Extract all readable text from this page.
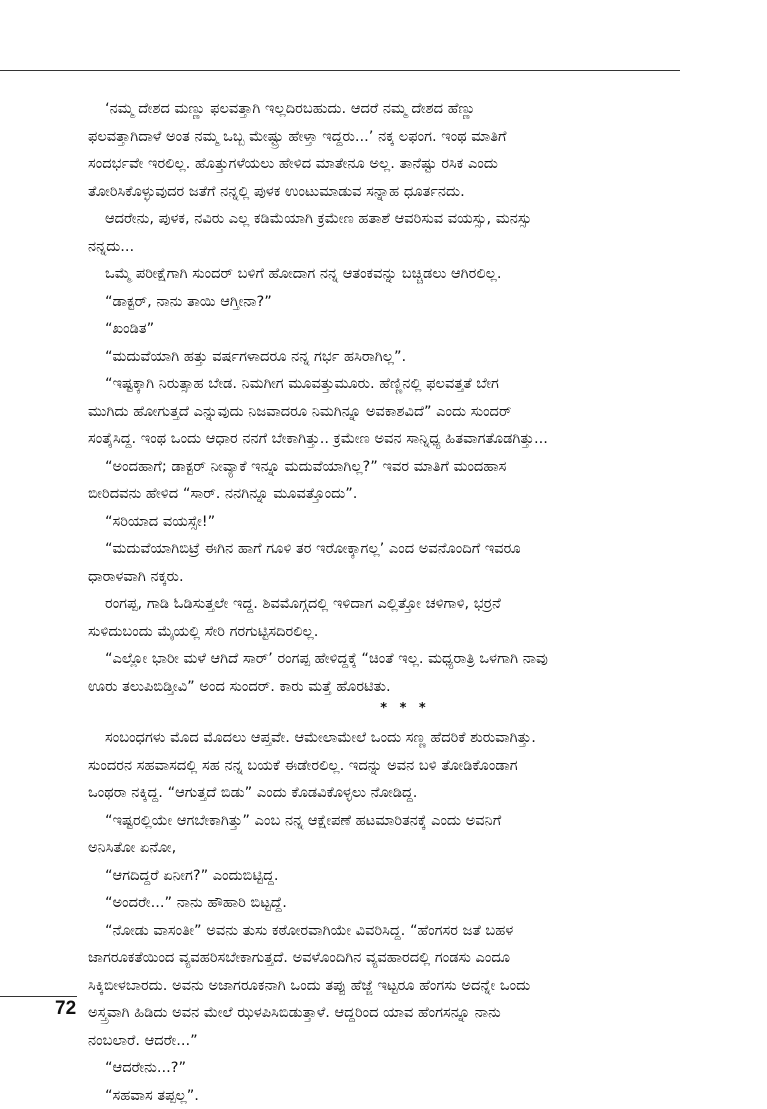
‘ನಮ್ಮ ದೇಶದ ಮಣ್ಣು ಫಲವತ್ತಾಗಿ ಇಲ್ಲದಿರಬಹುದು. ಆದರೆ ನಮ್ಮ ದೇಶದ ಹೆಣ್ಣು
ಫಲವತ್ತಾಗಿದಾಳೆ ಅಂತ ನಮ್ಮ ಒಬ್ಬ ಮೇಷ್ಟ್ರು ಹೇಳ್ತಾ ಇದ್ದರು...’ ನಕ್ಕ ಲಫಂಗ. ಇಂಥ ಮಾತಿಗೆ
ಸಂದರ್ಭವೇ ಇರಲಿಲ್ಲ. ಹೊತ್ತುಗಳೆಯಲು ಹೇಳಿದ ಮಾತೇನೂ ಅಲ್ಲ. ತಾನೆಷ್ಟು ರಸಿಕ ಎಂದು
ತೋರಿಸಿಕೊಳ್ಳುವುದರ ಜತೆಗೆ ನನ್ನಲ್ಲಿ ಪುಳಕ ಉಂಟುಮಾಡುವ ಸನ್ನಾಹ ಧೂರ್ತನದು.
ಆದರೇನು, ಪುಳಕ, ನವಿರು ಎಲ್ಲ ಕಡಿಮೆಯಾಗಿ ಕ್ರಮೇಣ ಹತಾಶೆ ಆವರಿಸುವ ವಯಸ್ಸು, ಮನಸ್ಸು
ನನ್ನದು...
ಒಮ್ಮೆ ಪರೀಕ್ಷೆಗಾಗಿ ಸುಂದರ್ ಬಳಿಗೆ ಹೋದಾಗ ನನ್ನ ಆತಂಕವನ್ನು ಬಚ್ಚಿಡಲು ಆಗಿರಲಿಲ್ಲ.
“ಡಾಕ್ಟರ್, ನಾನು ತಾಯಿ ಆಗ್ತೀನಾ?”
“ಖಂಡಿತ”
“ಮದುವೆಯಾಗಿ ಹತ್ತು ವರ್ಷಗಳಾದರೂ ನನ್ನ ಗರ್ಭ ಹಸಿರಾಗಿಲ್ಲ”.
“ಇಷ್ಟಕ್ಕಾಗಿ ನಿರುತ್ಸಾಹ ಬೇಡ. ನಿಮಗೀಗ ಮೂವತ್ತುಮೂರು. ಹೆಣ್ಣಿನಲ್ಲಿ ಫಲವತ್ತತೆ ಬೇಗ
ಮುಗಿದು ಹೋಗುತ್ತದೆ ಎನ್ನುವುದು ನಿಜವಾದರೂ ನಿಮಗಿನ್ನೂ ಅವಕಾಶವಿದೆ” ಎಂದು ಸುಂದರ್
ಸಂತೈಸಿದ್ದ. ಇಂಥ ಒಂದು ಆಧಾರ ನನಗೆ ಬೇಕಾಗಿತ್ತು.. ಕ್ರಮೇಣ ಅವನ ಸಾನ್ನಿಧ್ಯ ಹಿತವಾಗತೊಡಗಿತ್ತು...
“ಅಂದಹಾಗೆ; ಡಾಕ್ಟರ್ ನೀವ್ಯಾಕೆ ಇನ್ನೂ ಮದುವೆಯಾಗಿಲ್ಲ?” ಇವರ ಮಾತಿಗೆ ಮಂದಹಾಸ
ಬೀರಿದವನು ಹೇಳಿದ “ಸಾರ್. ನನಗಿನ್ನೂ ಮೂವತ್ತೊಂದು”.
“ಸರಿಯಾದ ವಯಸ್ಸೇ!”
“ಮದುವೆಯಾಗಿಬಿಟ್ರೆ ಈಗಿನ ಹಾಗೆ ಗೂಳಿ ತರ ಇರೋಕ್ಕಾಗಲ್ಲ’ ಎಂದ ಅವನೊಂದಿಗೆ ಇವರೂ
ಧಾರಾಳವಾಗಿ ನಕ್ಕರು.
ರಂಗಪ್ಪ, ಗಾಡಿ ಓಡಿಸುತ್ತಲೇ ಇದ್ದ. ಶಿವಮೊಗ್ಗದಲ್ಲಿ ಇಳಿದಾಗ ಎಲ್ಲಿತ್ತೋ ಚಳಿಗಾಳಿ, ಭರ್ರನೆ
ಸುಳಿದುಬಂದು ಮೈಯಲ್ಲಿ ಸೇರಿ ಗರಗುಟ್ಟಿಸದಿರಲಿಲ್ಲ.
“ಎಲ್ಲೋ ಭಾರೀ ಮಳೆ ಆಗಿದೆ ಸಾರ್’ ರಂಗಪ್ಪ ಹೇಳಿದ್ದಕ್ಕೆ “ಚಿಂತೆ ಇಲ್ಲ. ಮಧ್ಯರಾತ್ರಿ ಒಳಗಾಗಿ ನಾವು
ಊರು ತಲುಪಿಬಿಡ್ತೀವಿ” ಅಂದ ಸುಂದರ್. ಕಾರು ಮತ್ತೆ ಹೊರಟಿತು.
* * *
ಸಂಬಂಧಗಳು ಮೊದ ಮೊದಲು ಆಪ್ತವೇ. ಆಮೇಲಾಮೇಲೆ ಒಂದು ಸಣ್ಣ ಹೆದರಿಕೆ ಶುರುವಾಗಿತ್ತು.
ಸುಂದರನ ಸಹವಾಸದಲ್ಲಿ ಸಹ ನನ್ನ ಬಯಕೆ ಈಡೇರಲಿಲ್ಲ. ಇದನ್ನು ಅವನ ಬಳಿ ತೋಡಿಕೊಂಡಾಗ
ಒಂಥರಾ ನಕ್ಕಿದ್ದ. “ಆಗುತ್ತದೆ ಬಿಡು” ಎಂದು ಕೊಡವಿಕೊಳ್ಳಲು ನೋಡಿದ್ದ.
“ಇಷ್ಟರಲ್ಲಿಯೇ ಆಗಬೇಕಾಗಿತ್ತು” ಎಂಬ ನನ್ನ ಆಕ್ಷೇಪಣೆ ಹಟಮಾರಿತನಕ್ಕೆ ಎಂದು ಅವನಿಗೆ
ಅನಿಸಿತೋ ಏನೋ,
“ಆಗದಿದ್ದರೆ ಏನೀಗ?” ಎಂದುಬಿಟ್ಟಿದ್ದ.
“ಅಂದರೇ...” ನಾನು ಹೌಹಾರಿ ಬಿಟ್ಟದ್ದೆ.
“ನೋಡು ವಾಸಂತೀ” ಅವನು ತುಸು ಕಠೋರವಾಗಿಯೇ ವಿವರಿಸಿದ್ದ. “ಹೆಂಗಸರ ಜತೆ ಬಹಳ
ಜಾಗರೂಕತೆಯಿಂದ ವ್ಯವಹರಿಸಬೇಕಾಗುತ್ತದೆ. ಅವಳೊಂದಿಗಿನ ವ್ಯವಹಾರದಲ್ಲಿ ಗಂಡಸು ಎಂದೂ
ಸಿಕ್ಕಿಬೀಳಬಾರದು. ಅವನು ಅಜಾಗರೂಕನಾಗಿ ಒಂದು ತಪ್ಪು ಹೆಜ್ಜೆ ಇಟ್ಟರೂ ಹೆಂಗಸು ಅದನ್ನೇ ಒಂದು
ಅಸ್ತ್ರವಾಗಿ ಹಿಡಿದು ಅವನ ಮೇಲೆ ಝಳಪಿಸಿಬಿಡುತ್ತಾಳೆ. ಆದ್ದರಿಂದ ಯಾವ ಹೆಂಗಸನ್ನೂ ನಾನು
ನಂಬಲಾರೆ. ಆದರೇ...”
“ಆದರೇನು...?”
“ಸಹವಾಸ ತಪ್ಪಲ್ಲ”.
72
